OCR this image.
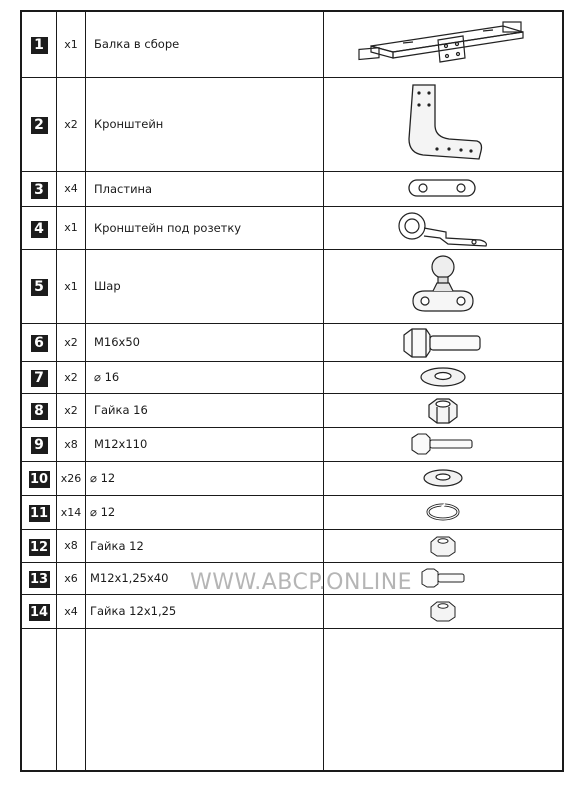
1	x1	Балка в сборе	

2	x2	Кронштейн	

3	x4	Пластина	

4	x1	Кронштейн под розетку	

5	x1	Шар	

6	x2	М16х50	

7	x2	⌀ 16	

8	x2	Гайка 16	

9	x8	М12х110	

10	x26	⌀ 12	

11	x14	⌀ 12	

12	x8	Гайка 12	

13	x6	М12х1,25х40	

14	x4	Гайка 12х1,25	

WWW.ABCP.ONLINE
